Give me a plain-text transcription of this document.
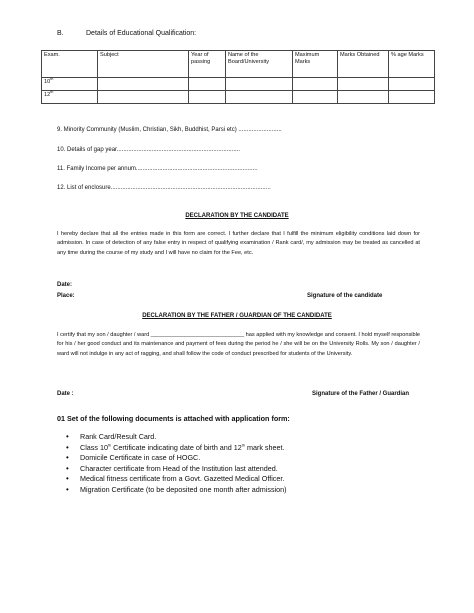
B.	Details of Educational Qualification:
Exam.	Subject	Year of passing	Name of the Board/University	Maximum Marks	Marks Obtained	% age Marks
10th						
12th						
9. Minority Community (Muslim, Christian, Sikh, Buddhist, Parsi etc) ..........................
10. Details of gap year..........................................................................
11. Family Income per annum.........................................................................
12. List of enclosure................................................................................................
DECLARATION BY THE CANDIDATE
I hereby declare that all the entries made in this form are correct. I further declare that I fulfill the minimum eligibility conditions laid down for admission. In case of detection of any false entry in respect of qualifying examination / Rank card/, my admission may be treated as cancelled at any time during the course of my study and I will have no claim for the Fee, etc.
Date:
Place:	Signature of the candidate
DECLARATION BY THE FATHER / GUARDIAN OF THE CANDIDATE
I certify that my son / daughter / ward ______________________________ has applied with my knowledge and consent. I hold myself responsible for his / her good conduct and its maintenance and payment of fees during the period he / she will be on the University Rolls. My son / daughter / ward will not indulge in any act of ragging, and shall follow the code of conduct prescribed for students of the University.
Date :	Signature of the Father / Guardian
01 Set of the following documents is attached with application form:
• Rank Card/Result Card.
• Class 10th Certificate indicating date of birth and 12th mark sheet.
• Domicile Certificate in case of HOGC.
• Character certificate from Head of the Institution last attended.
• Medical fitness certificate from a Govt. Gazetted Medical Officer.
• Migration Certificate (to be deposited one month after admission)
